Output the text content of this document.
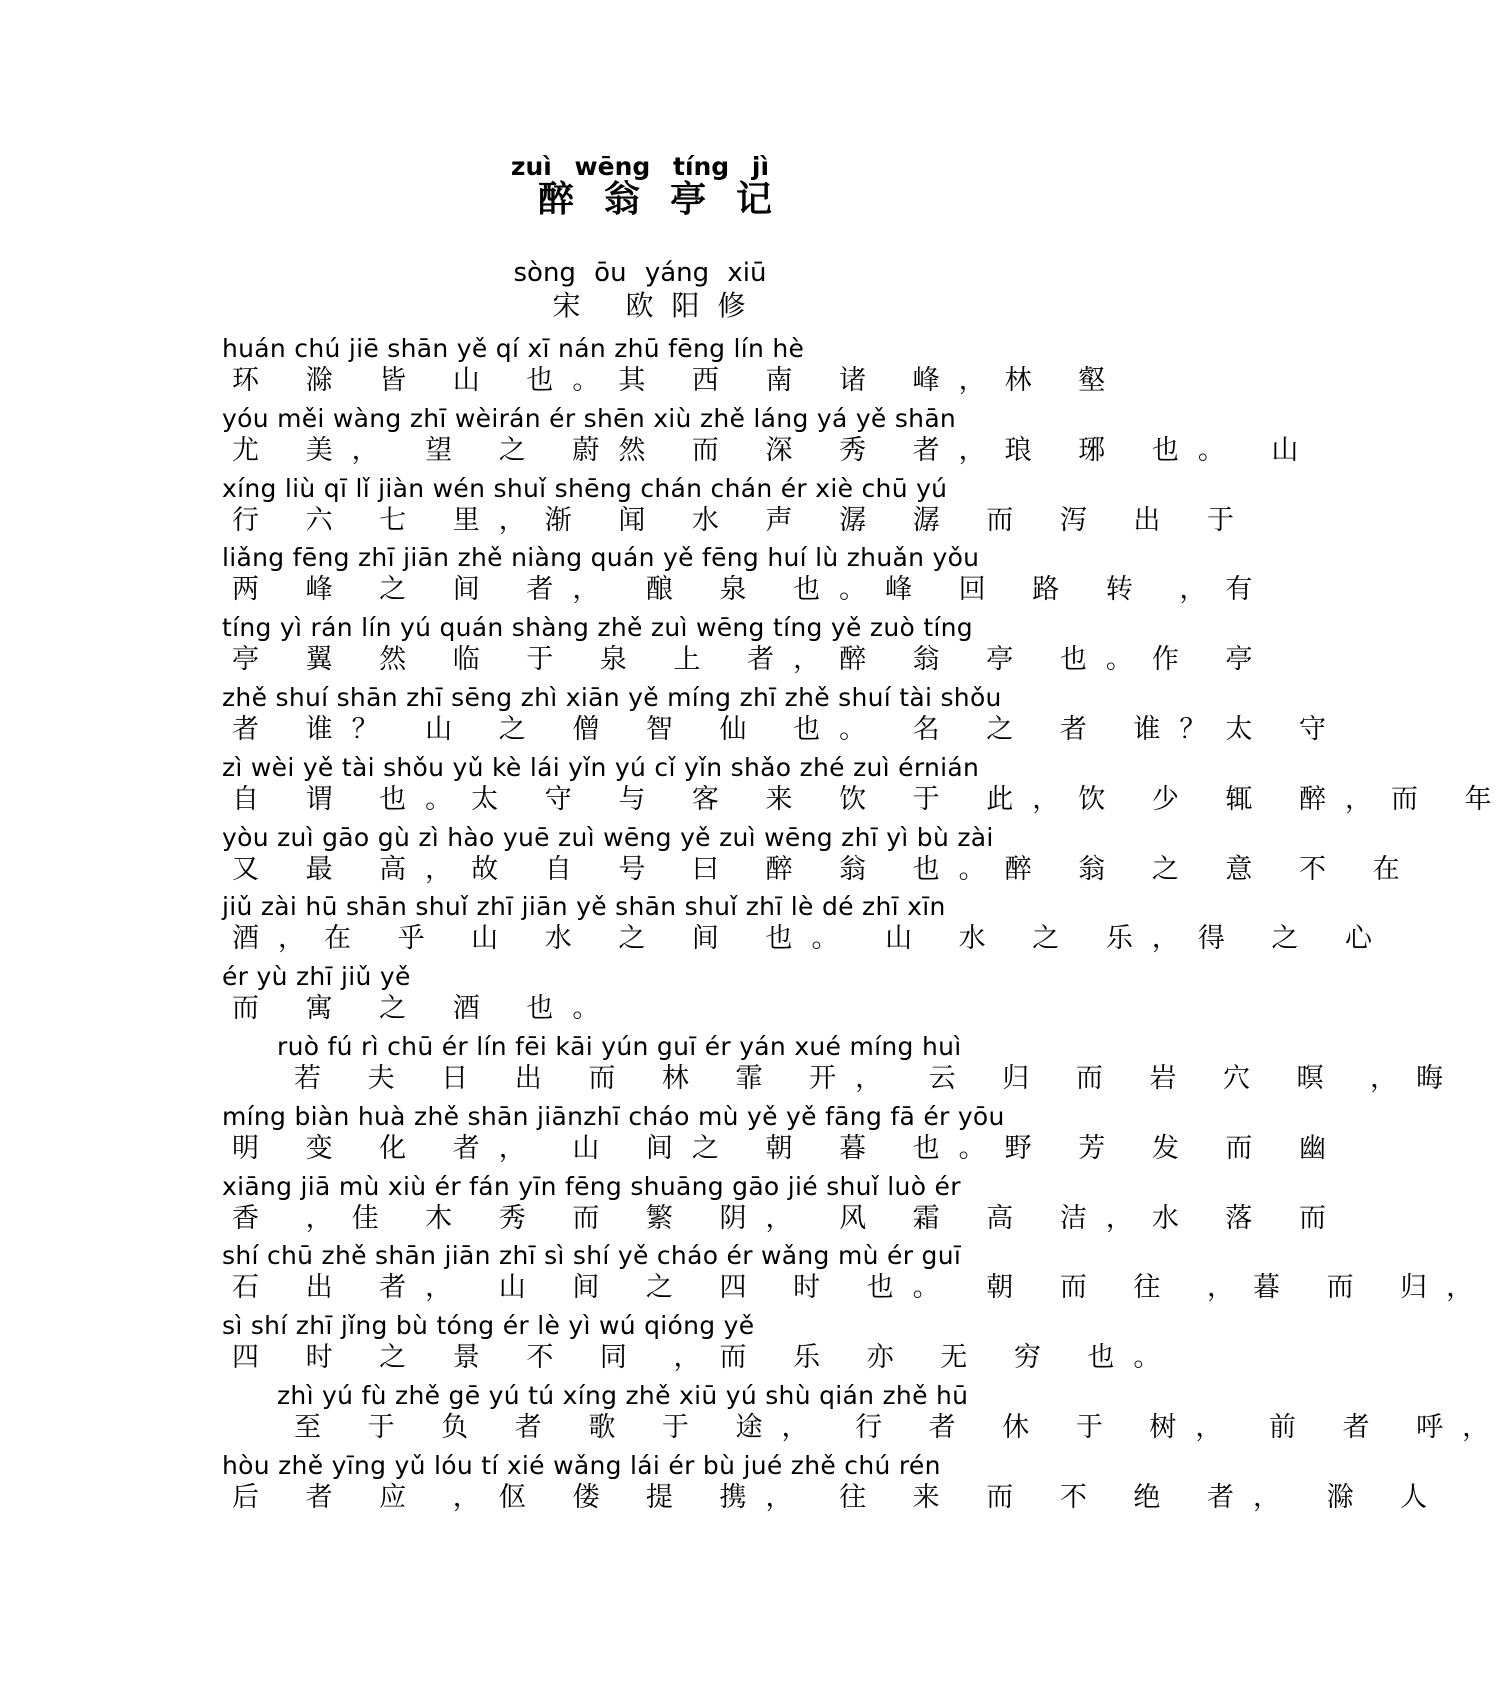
zuì wēng tíng jì
醉翁亭记
sòng ōu yáng xiū
宋 欧阳修
huán chú jiē shān yě qí xī nán zhū fēng lín hè
环 滁 皆 山 也。其 西 南 诸 峰，林 壑
yóu měi wàng zhī wèirán ér shēn xiù zhě láng yá yě shān
尤 美， 望 之 蔚然 而 深 秀 者，琅 琊 也。 山
xíng liù qī lǐ jiàn wén shuǐ shēng chán chán ér xiè chū yú
行 六 七 里，渐 闻 水 声 潺 潺 而 泻 出 于
liǎng fēng zhī jiān zhě niàng quán yě fēng huí lù zhuǎn yǒu
两 峰 之 间 者， 酿 泉 也。峰 回 路 转 ，有
tíng yì rán lín yú quán shàng zhě zuì wēng tíng yě zuò tíng
亭 翼 然 临 于 泉 上 者，醉 翁 亭 也。作 亭
zhě shuí shān zhī sēng zhì xiān yě míng zhī zhě shuí tài shǒu
者 谁？ 山 之 僧 智 仙 也。 名 之 者 谁？太 守
zì wèi yě tài shǒu yǔ kè lái yǐn yú cǐ yǐn shǎo zhé zuì érnián
自 谓 也。太 守 与 客 来 饮 于 此，饮 少 辄 醉，而 年
yòu zuì gāo gù zì hào yuē zuì wēng yě zuì wēng zhī yì bù zài
又 最 高，故 自 号 曰 醉 翁 也。醉 翁 之 意 不 在
jiǔ zài hū shān shuǐ zhī jiān yě shān shuǐ zhī lè dé zhī xīn
酒，在 乎 山 水 之 间 也。 山 水 之 乐，得 之 心
ér yù zhī jiǔ yě
而 寓 之 酒 也。
ruò fú rì chū ér lín fēi kāi yún guī ér yán xué míng huì
若 夫 日 出 而 林 霏 开， 云 归 而 岩 穴 暝 ，晦
míng biàn huà zhě shān jiānzhī cháo mù yě yě fāng fā ér yōu
明 变 化 者， 山 间之 朝 暮 也。野 芳 发 而 幽
xiāng jiā mù xiù ér fán yīn fēng shuāng gāo jié shuǐ luò ér
香 ，佳 木 秀 而 繁 阴， 风 霜 高 洁，水 落 而
shí chū zhě shān jiān zhī sì shí yě cháo ér wǎng mù ér guī
石 出 者， 山 间 之 四 时 也。 朝 而 往 ，暮 而 归，
sì shí zhī jǐng bù tóng ér lè yì wú qióng yě
四 时 之 景 不 同 ，而 乐 亦 无 穷 也。
zhì yú fù zhě gē yú tú xíng zhě xiū yú shù qián zhě hū
至 于 负 者 歌 于 途， 行 者 休 于 树， 前 者 呼，
hòu zhě yīng yǔ lóu tí xié wǎng lái ér bù jué zhě chú rén
后 者 应 ，伛 偻 提 携， 往 来 而 不 绝 者， 滁 人
